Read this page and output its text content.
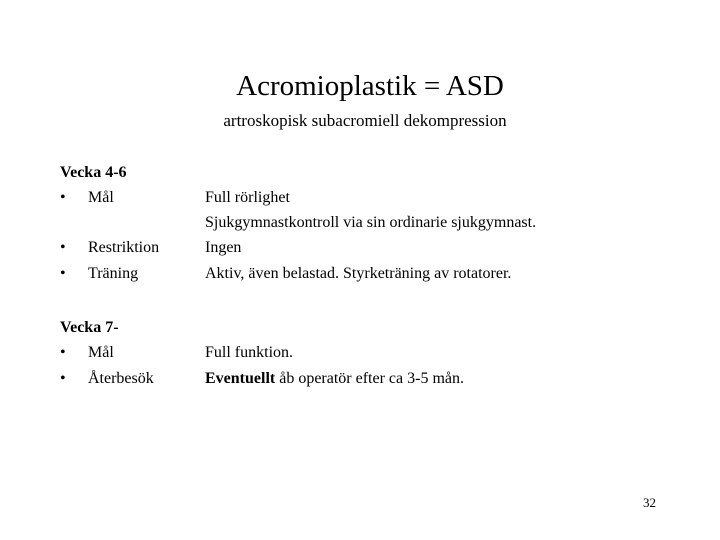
Acromioplastik = ASD
artroskopisk subacromiell dekompression
Vecka 4-6
• Mål	Full rörlighet
Sjukgymnastkontroll via sin ordinarie sjukgymnast.
• Restriktion	Ingen
• Träning	Aktiv, även belastad. Styrketräning av rotatorer.
Vecka 7-
• Mål	Full funktion.
• Återbesök	Eventuellt åb operatör efter ca 3-5 mån.
32
